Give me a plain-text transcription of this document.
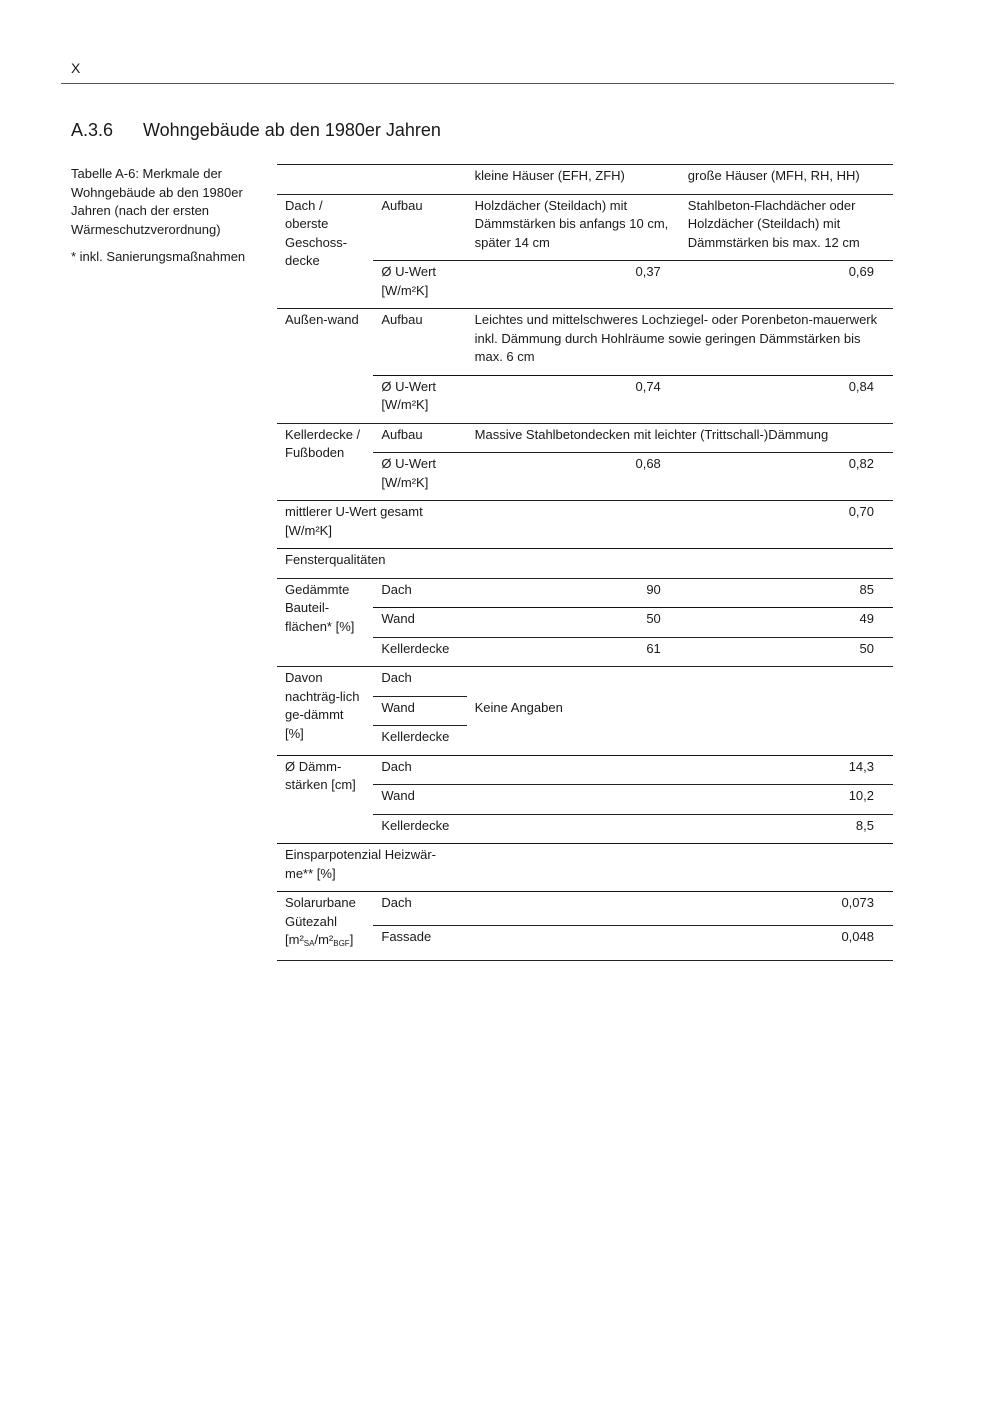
X
A.3.6 Wohngebäude ab den 1980er Jahren

Tabelle A-6: Merkmale der Wohngebäude ab den 1980er Jahren (nach der ersten Wärmeschutzverordnung)

* inkl. Sanierungsmaßnahmen

		kleine Häuser (EFH, ZFH)	große Häuser (MFH, RH, HH)
Dach / oberste Geschoss-decke	Aufbau	Holzdächer (Steildach) mit Dämmstärken bis anfangs 10 cm, später 14 cm	Stahlbeton-Flachdächer oder Holzdächer (Steildach) mit Dämmstärken bis max. 12 cm
	Ø U-Wert [W/m²K]	0,37	0,69
Außen-wand	Aufbau	Leichtes und mittelschweres Lochziegel- oder Porenbeton-mauerwerk inkl. Dämmung durch Hohlräume sowie geringen Dämmstärken bis max. 6 cm	
	Ø U-Wert [W/m²K]	0,74	0,84
Kellerdecke / Fußboden	Aufbau	Massive Stahlbetondecken mit leichter (Trittschall-)Dämmung	
	Ø U-Wert [W/m²K]	0,68	0,82
mittlerer U-Wert gesamt [W/m²K]			0,70
Fensterqualitäten			
Gedämmte Bauteil-flächen* [%]	Dach	90	85
	Wand	50	49
	Kellerdecke	61	50
Davon nachträg-lich ge-dämmt [%]	Dach	Keine Angaben	
	Wand		
	Kellerdecke		
Ø Dämm-stärken [cm]	Dach		14,3
	Wand		10,2
	Kellerdecke		8,5
Einsparpotenzial Heizwär-me** [%]			
Solarurbane Gütezahl $[m^2_{SA}/m^2_{BGF}]$	Dach		0,073
	Fassade		0,048
